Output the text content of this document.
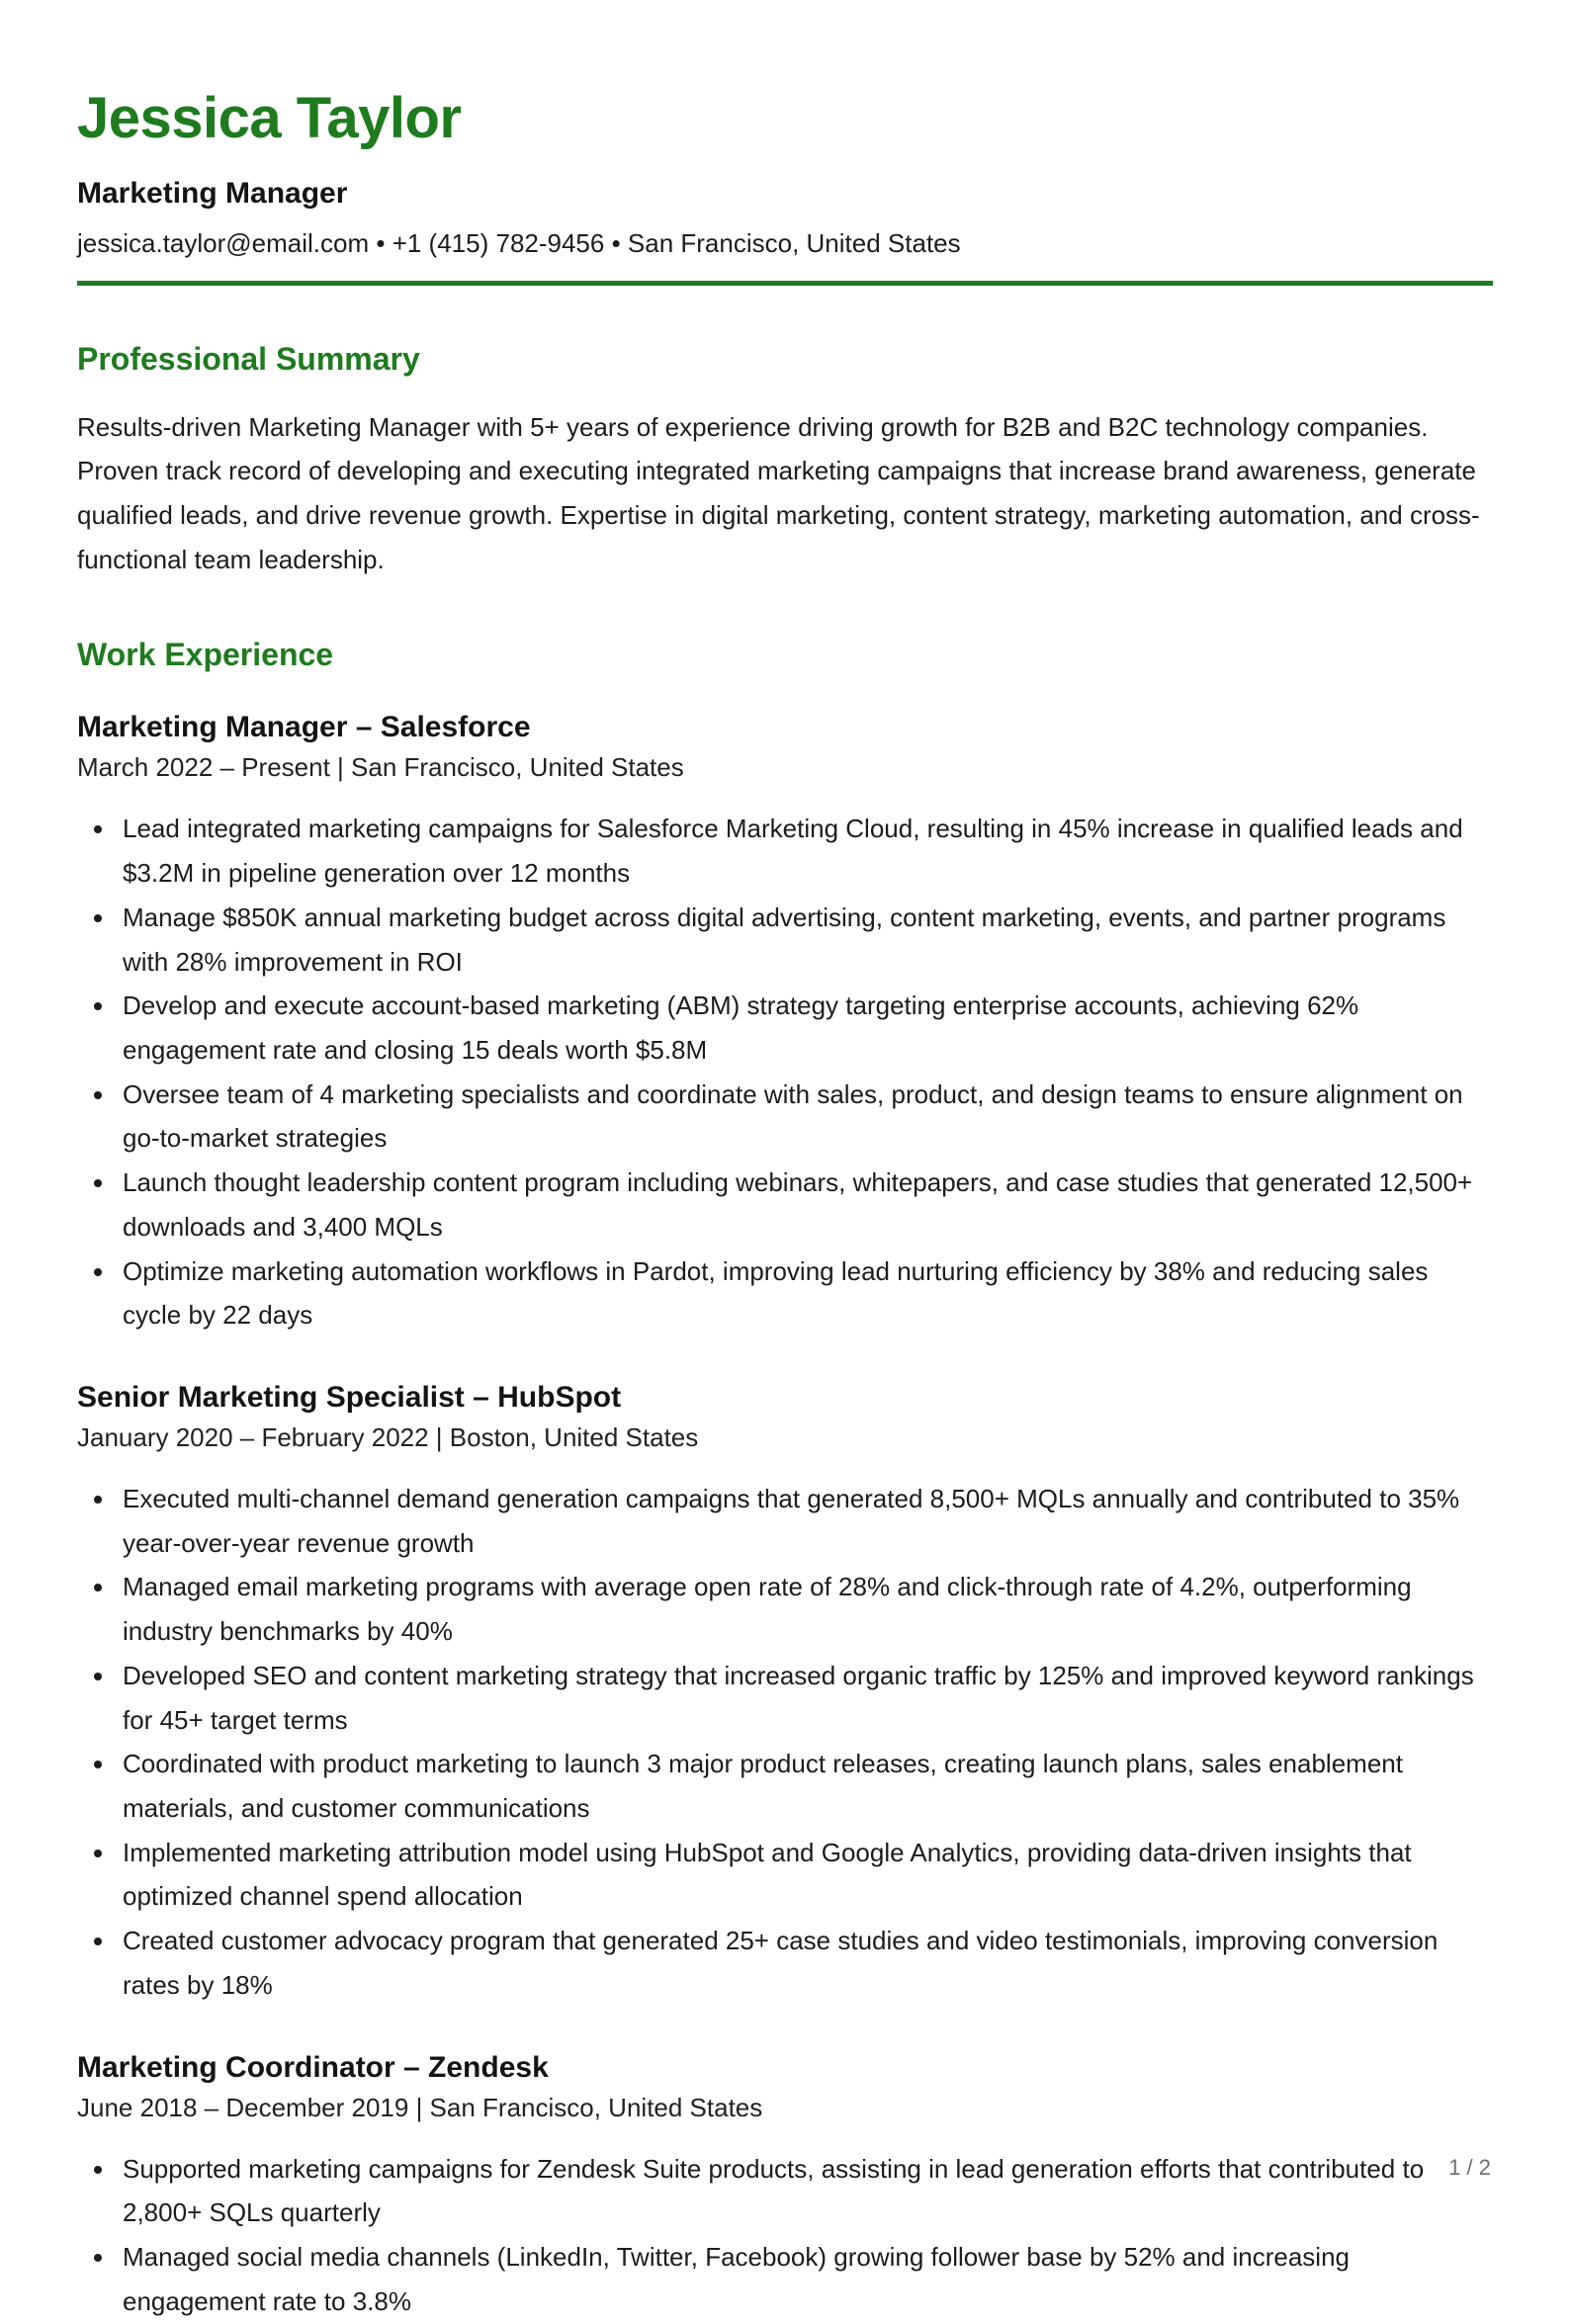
Jessica Taylor
Marketing Manager
jessica.taylor@email.com • +1 (415) 782-9456 • San Francisco, United States
Professional Summary

Results-driven Marketing Manager with 5+ years of experience driving growth for B2B and B2C technology companies. Proven track record of developing and executing integrated marketing campaigns that increase brand awareness, generate qualified leads, and drive revenue growth. Expertise in digital marketing, content strategy, marketing automation, and cross-functional team leadership.

Work Experience
Marketing Manager – Salesforce
March 2022 – Present | San Francisco, United States
• Lead integrated marketing campaigns for Salesforce Marketing Cloud, resulting in 45% increase in qualified leads and $3.2M in pipeline generation over 12 months
• Manage $850K annual marketing budget across digital advertising, content marketing, events, and partner programs with 28% improvement in ROI
• Develop and execute account-based marketing (ABM) strategy targeting enterprise accounts, achieving 62% engagement rate and closing 15 deals worth $5.8M
• Oversee team of 4 marketing specialists and coordinate with sales, product, and design teams to ensure alignment on go-to-market strategies
• Launch thought leadership content program including webinars, whitepapers, and case studies that generated 12,500+ downloads and 3,400 MQLs
• Optimize marketing automation workflows in Pardot, improving lead nurturing efficiency by 38% and reducing sales cycle by 22 days
Senior Marketing Specialist – HubSpot
January 2020 – February 2022 | Boston, United States
• Executed multi-channel demand generation campaigns that generated 8,500+ MQLs annually and contributed to 35% year-over-year revenue growth
• Managed email marketing programs with average open rate of 28% and click-through rate of 4.2%, outperforming industry benchmarks by 40%
• Developed SEO and content marketing strategy that increased organic traffic by 125% and improved keyword rankings for 45+ target terms
• Coordinated with product marketing to launch 3 major product releases, creating launch plans, sales enablement materials, and customer communications
• Implemented marketing attribution model using HubSpot and Google Analytics, providing data-driven insights that optimized channel spend allocation
• Created customer advocacy program that generated 25+ case studies and video testimonials, improving conversion rates by 18%
Marketing Coordinator – Zendesk
June 2018 – December 2019 | San Francisco, United States
• Supported marketing campaigns for Zendesk Suite products, assisting in lead generation efforts that contributed to 2,800+ SQLs quarterly
• Managed social media channels (LinkedIn, Twitter, Facebook) growing follower base by 52% and increasing engagement rate to 3.8%
1 / 2
